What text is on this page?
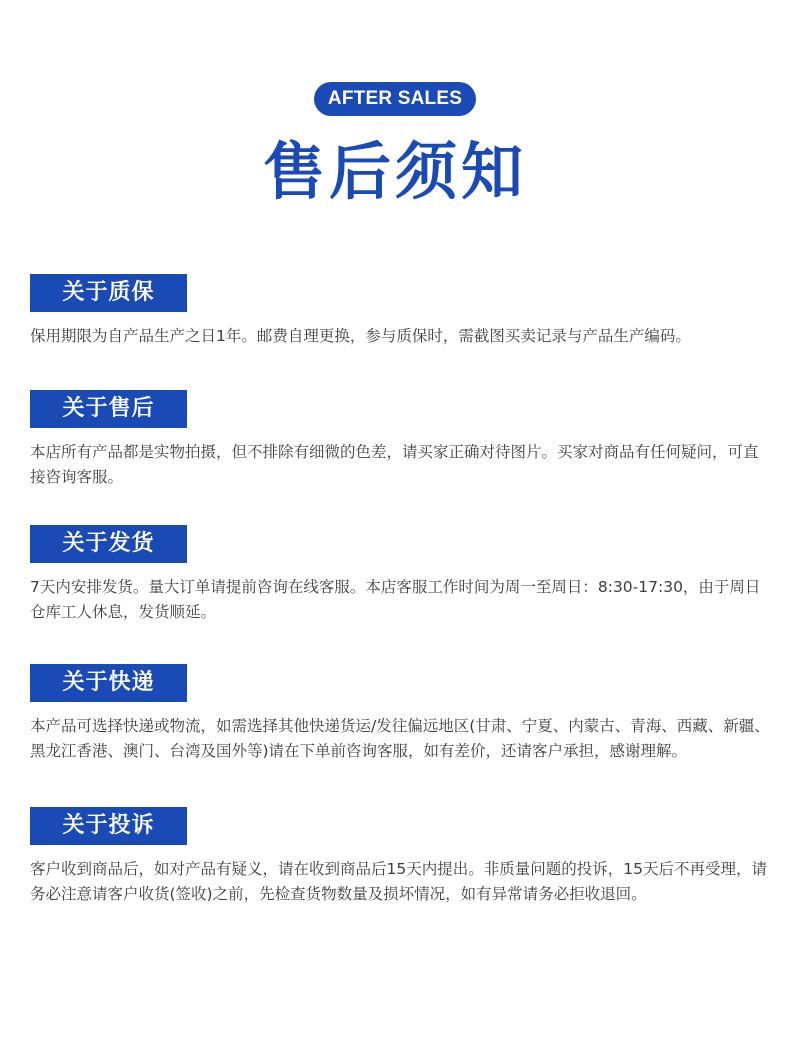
AFTER SALES
售后须知
关于质保
保用期限为自产品生产之日1年。邮费自理更换，参与质保时，需截图买卖记录与产品生产编码。
关于售后
本店所有产品都是实物拍摄，但不排除有细微的色差，请买家正确对待图片。买家对商品有任何疑问，可直接咨询客服。
关于发货
7天内安排发货。量大订单请提前咨询在线客服。本店客服工作时间为周一至周日：8:30-17:30，由于周日仓库工人休息，发货顺延。
关于快递
本产品可选择快递或物流，如需选择其他快递货运/发往偏远地区(甘肃、宁夏、内蒙古、青海、西藏、新疆、黑龙江香港、澳门、台湾及国外等)请在下单前咨询客服，如有差价，还请客户承担，感谢理解。
关于投诉
客户收到商品后，如对产品有疑义，请在收到商品后15天内提出。非质量问题的投诉，15天后不再受理，请务必注意请客户收货(签收)之前，先检查货物数量及损坏情况，如有异常请务必拒收退回。
